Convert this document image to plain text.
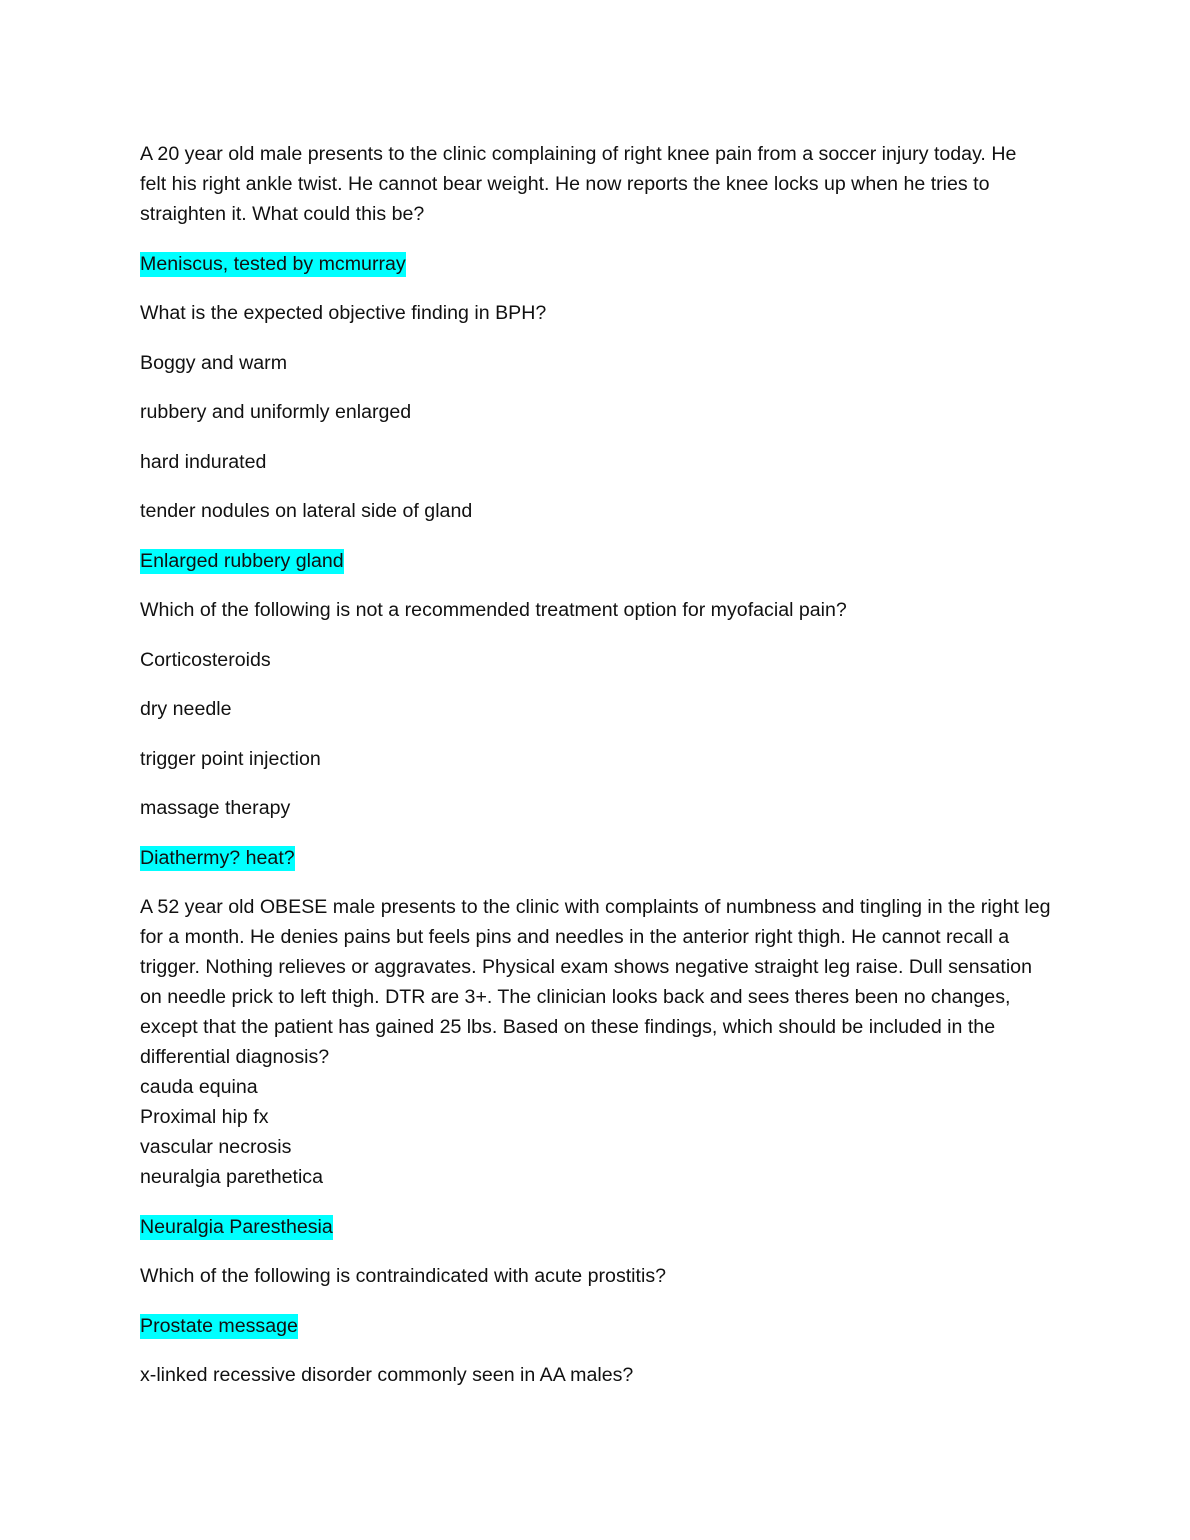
A 20 year old male presents to the clinic complaining of right knee pain from a soccer injury today. He
felt his right ankle twist. He cannot bear weight. He now reports the knee locks up when he tries to
straighten it. What could this be?
Meniscus, tested by mcmurray
What is the expected objective finding in BPH?
Boggy and warm
rubbery and uniformly enlarged
hard indurated
tender nodules on lateral side of gland
Enlarged rubbery gland
Which of the following is not a recommended treatment option for myofacial pain?
Corticosteroids
dry needle
trigger point injection
massage therapy
Diathermy? heat?
A 52 year old OBESE male presents to the clinic with complaints of numbness and tingling in the right leg
for a month. He denies pains but feels pins and needles in the anterior right thigh. He cannot recall a
trigger. Nothing relieves or aggravates. Physical exam shows negative straight leg raise. Dull sensation
on needle prick to left thigh. DTR are 3+. The clinician looks back and sees theres been no changes,
except that the patient has gained 25 lbs. Based on these findings, which should be included in the
differential diagnosis?
cauda equina
Proximal hip fx
vascular necrosis
neuralgia parethetica
Neuralgia Paresthesia
Which of the following is contraindicated with acute prostitis?
Prostate message
x-linked recessive disorder commonly seen in AA males?
